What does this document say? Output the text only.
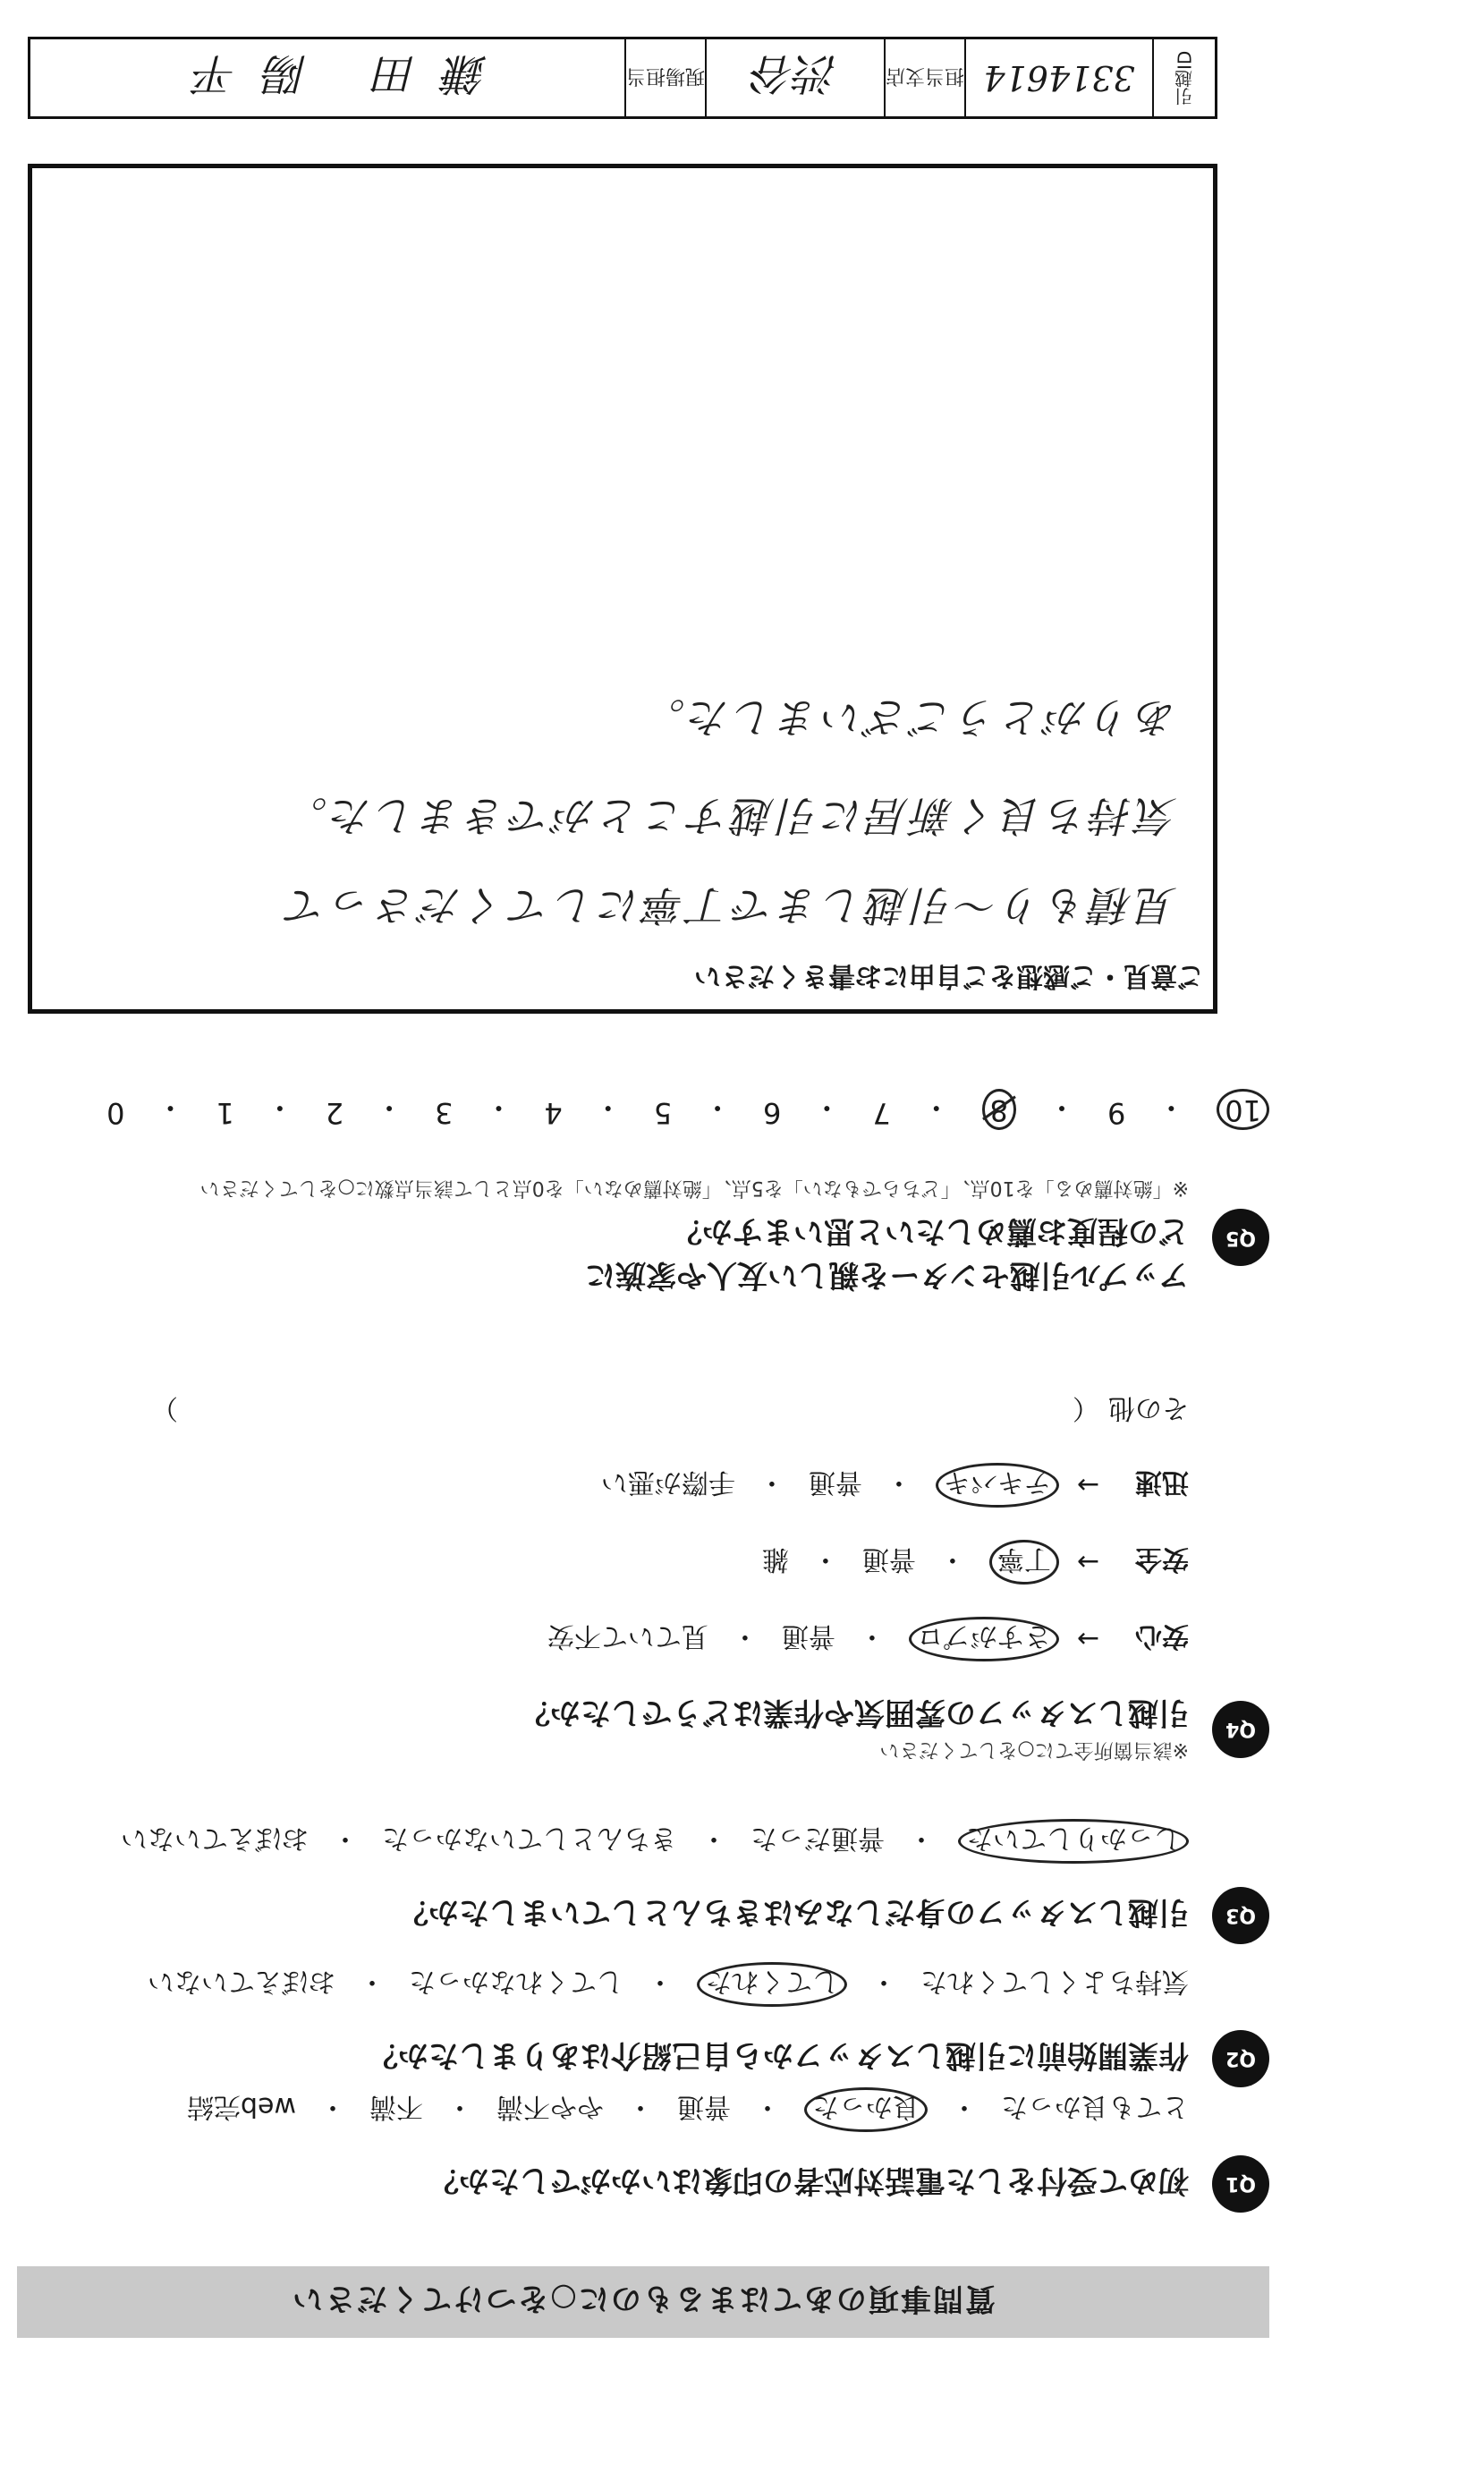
質問事項のあてはまるものに○をつけてください
Q1
初めて受付をした電話対応者の印象はいかがでしたか？
とても良かった
・
良かった
・
普通
・
やや不満
・
不満
・
web完結
Q2
作業開始前に引越しスタッフから自己紹介はありましたか？
気持ちよくしてくれた
・
してくれた
・
してくれなかった
・
おぼえていない
Q3
引越しスタッフの身だしなみはきちんとしていましたか？
しっかりしていた
・
普通だった
・
きちんとしていなかった
・
おぼえていない
Q4
※該当箇所全てに○をしてください
引越しスタッフの雰囲気や作業はどうでしたか？
安心
→
さすがプロ
・
普通
・
見ていて不安
安全
→
丁寧
・
普通
・
雑
迅速
→
テキパキ
・
普通
・
手際が悪い
その他
（
）
Q5
アップル引越センターを親しい友人や家族に
どの程度お薦めしたいと思いますか？
※「絶対薦める」を10点、「どちらでもない」を5点、「絶対薦めない」を0点として該当点数に○をしてください
10
・
9
・
8
・
7
・
6
・
5
・
4
・
3
・
2
・
1
・
0
ご意見・ご感想をご自由にお書きください
見積もり～引越しまで丁寧にしてくださって
気持ち良く新居に引越すことができました。
ありがとうございました。
引越ID
3314614
担当支店
渋谷
現場担当
鎌田 陽平
